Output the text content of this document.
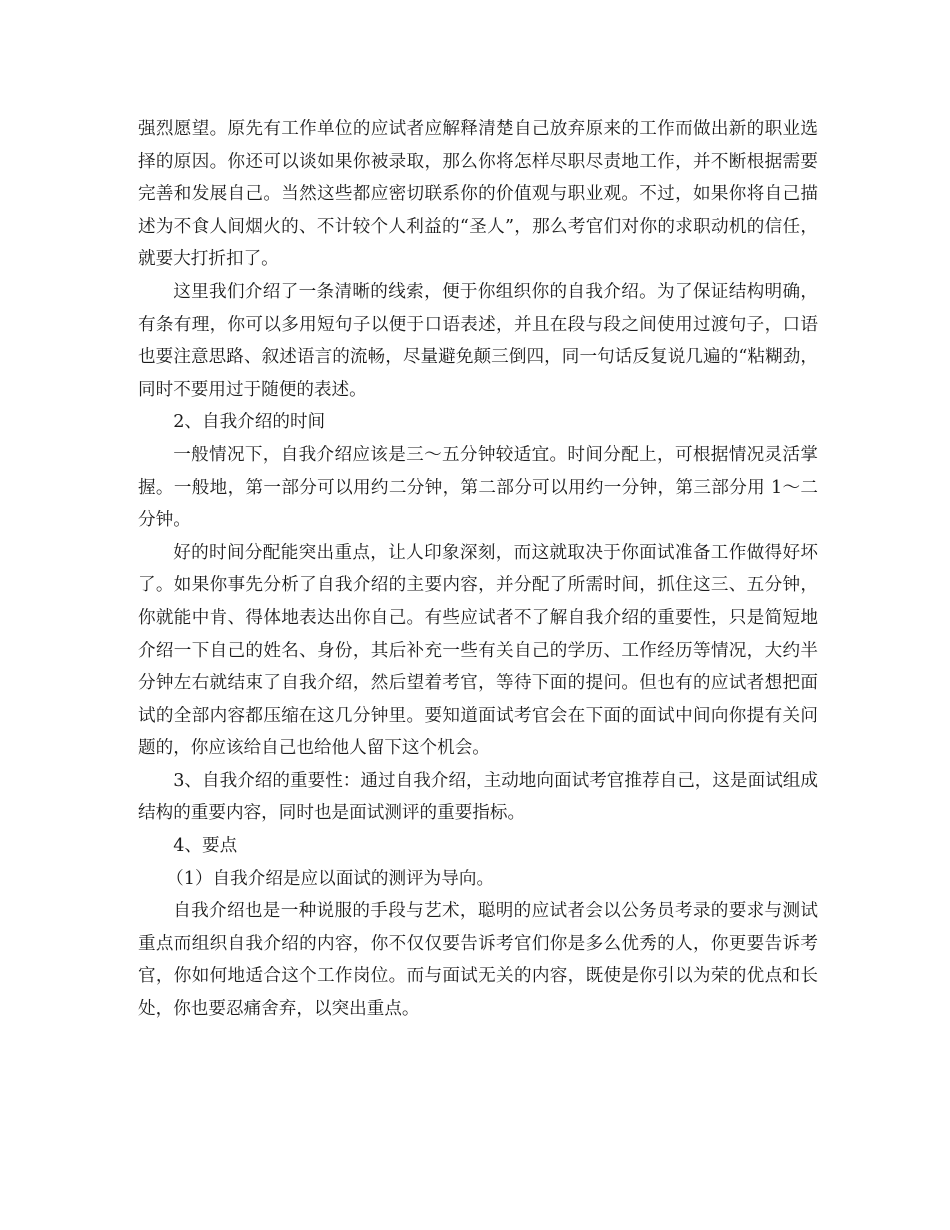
强烈愿望。原先有工作单位的应试者应解释清楚自己放弃原来的工作而做出新的职业选择的原因。你还可以谈如果你被录取，那么你将怎样尽职尽责地工作，并不断根据需要完善和发展自己。当然这些都应密切联系你的价值观与职业观。不过，如果你将自己描述为不食人间烟火的、不计较个人利益的“圣人”，那么考官们对你的求职动机的信任，就要大打折扣了。

这里我们介绍了一条清晰的线索，便于你组织你的自我介绍。为了保证结构明确，有条有理，你可以多用短句子以便于口语表述，并且在段与段之间使用过渡句子，口语也要注意思路、叙述语言的流畅，尽量避免颠三倒四，同一句话反复说几遍的“粘糊劲，同时不要用过于随便的表述。

2、自我介绍的时间

一般情况下，自我介绍应该是三～五分钟较适宜。时间分配上，可根据情况灵活掌握。一般地，第一部分可以用约二分钟，第二部分可以用约一分钟，第三部分用 1～二分钟。

好的时间分配能突出重点，让人印象深刻，而这就取决于你面试准备工作做得好坏了。如果你事先分析了自我介绍的主要内容，并分配了所需时间，抓住这三、五分钟，你就能中肯、得体地表达出你自己。有些应试者不了解自我介绍的重要性，只是简短地介绍一下自己的姓名、身份，其后补充一些有关自己的学历、工作经历等情况，大约半分钟左右就结束了自我介绍，然后望着考官，等待下面的提问。但也有的应试者想把面试的全部内容都压缩在这几分钟里。要知道面试考官会在下面的面试中间向你提有关问题的，你应该给自己也给他人留下这个机会。

3、自我介绍的重要性：通过自我介绍，主动地向面试考官推荐自己，这是面试组成结构的重要内容，同时也是面试测评的重要指标。

4、要点

（1）自我介绍是应以面试的测评为导向。

自我介绍也是一种说服的手段与艺术，聪明的应试者会以公务员考录的要求与测试重点而组织自我介绍的内容，你不仅仅要告诉考官们你是多么优秀的人，你更要告诉考官，你如何地适合这个工作岗位。而与面试无关的内容，既使是你引以为荣的优点和长处，你也要忍痛舍弃，以突出重点。
